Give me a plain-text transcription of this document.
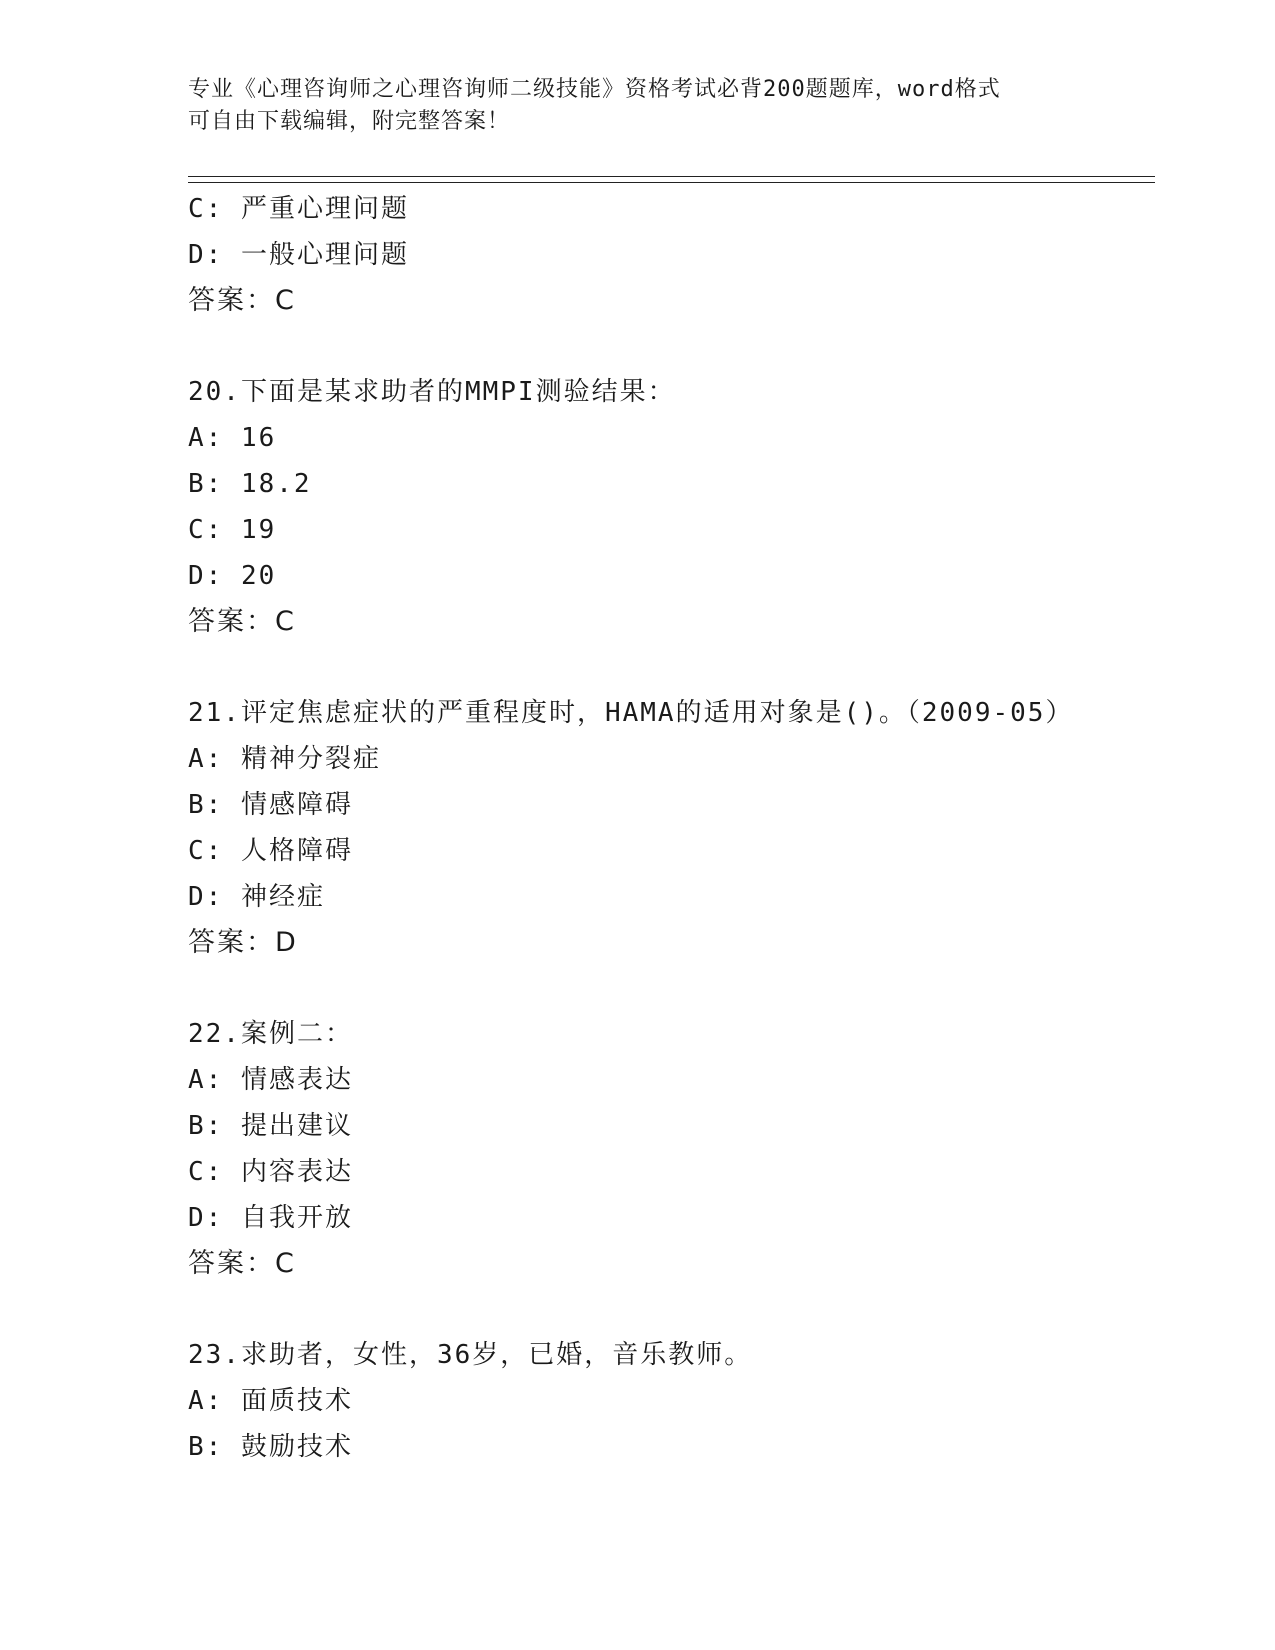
专业《心理咨询师之心理咨询师二级技能》资格考试必背200题题库，word格式
可自由下载编辑，附完整答案！
C: 严重心理问题
D: 一般心理问题
答案：C
20.下面是某求助者的MMPI测验结果：
A: 16
B: 18.2
C: 19
D: 20
答案：C
21.评定焦虑症状的严重程度时，HAMA的适用对象是()。（2009-05）
A: 精神分裂症
B: 情感障碍
C: 人格障碍
D: 神经症
答案：D
22.案例二：
A: 情感表达
B: 提出建议
C: 内容表达
D: 自我开放
答案：C
23.求助者，女性，36岁，已婚，音乐教师。
A: 面质技术
B: 鼓励技术
